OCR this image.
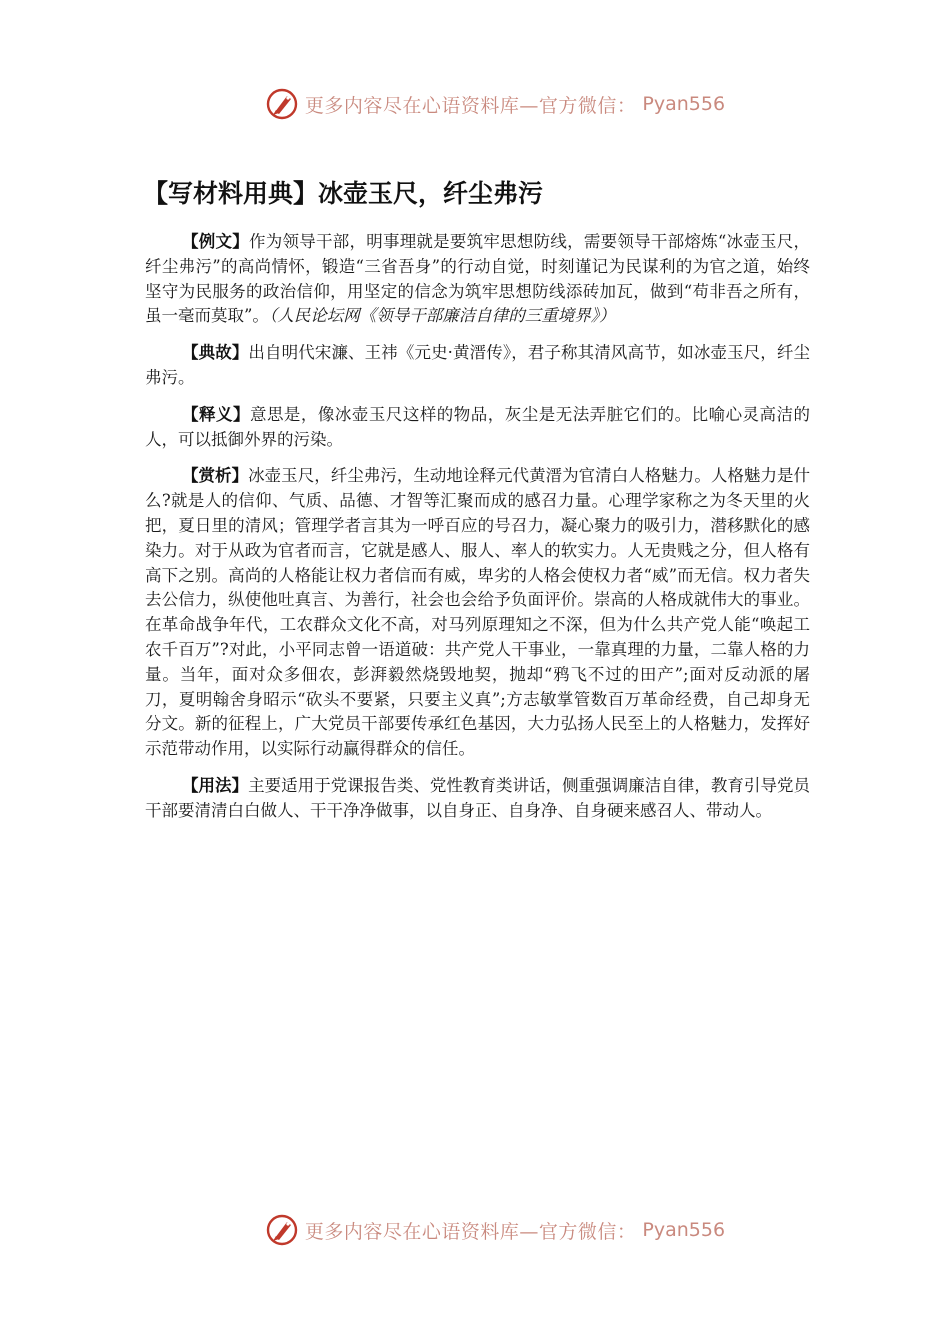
更多内容尽在心语资料库—官方微信： Pyan556
【写材料用典】冰壶玉尺，纤尘弗污

【例文】作为领导干部，明事理就是要筑牢思想防线，需要领导干部熔炼“冰壶玉尺，纤尘弗污”的高尚情怀，锻造“三省吾身”的行动自觉，时刻谨记为民谋利的为官之道，始终坚守为民服务的政治信仰，用坚定的信念为筑牢思想防线添砖加瓦，做到“苟非吾之所有，虽一毫而莫取”。（人民论坛网《领导干部廉洁自律的三重境界》）

【典故】出自明代宋濂、王祎《元史·黄溍传》，君子称其清风高节，如冰壶玉尺，纤尘弗污。

【释义】意思是，像冰壶玉尺这样的物品，灰尘是无法弄脏它们的。比喻心灵高洁的人，可以抵御外界的污染。

【赏析】冰壶玉尺，纤尘弗污，生动地诠释元代黄溍为官清白人格魅力。人格魅力是什么?就是人的信仰、气质、品德、才智等汇聚而成的感召力量。心理学家称之为冬天里的火把，夏日里的清风；管理学者言其为一呼百应的号召力，凝心聚力的吸引力，潜移默化的感染力。对于从政为官者而言，它就是感人、服人、率人的软实力。人无贵贱之分，但人格有高下之别。高尚的人格能让权力者信而有威，卑劣的人格会使权力者“威”而无信。权力者失去公信力，纵使他吐真言、为善行，社会也会给予负面评价。崇高的人格成就伟大的事业。在革命战争年代，工农群众文化不高，对马列原理知之不深，但为什么共产党人能“唤起工农千百万”?对此，小平同志曾一语道破：共产党人干事业，一靠真理的力量，二靠人格的力量。当年，面对众多佃农，彭湃毅然烧毁地契，抛却“鸦飞不过的田产”;面对反动派的屠刀，夏明翰舍身昭示“砍头不要紧，只要主义真”;方志敏掌管数百万革命经费，自己却身无分文。新的征程上，广大党员干部要传承红色基因，大力弘扬人民至上的人格魅力，发挥好示范带动作用，以实际行动赢得群众的信任。

【用法】主要适用于党课报告类、党性教育类讲话，侧重强调廉洁自律，教育引导党员干部要清清白白做人、干干净净做事，以自身正、自身净、自身硬来感召人、带动人。

更多内容尽在心语资料库—官方微信： Pyan556
